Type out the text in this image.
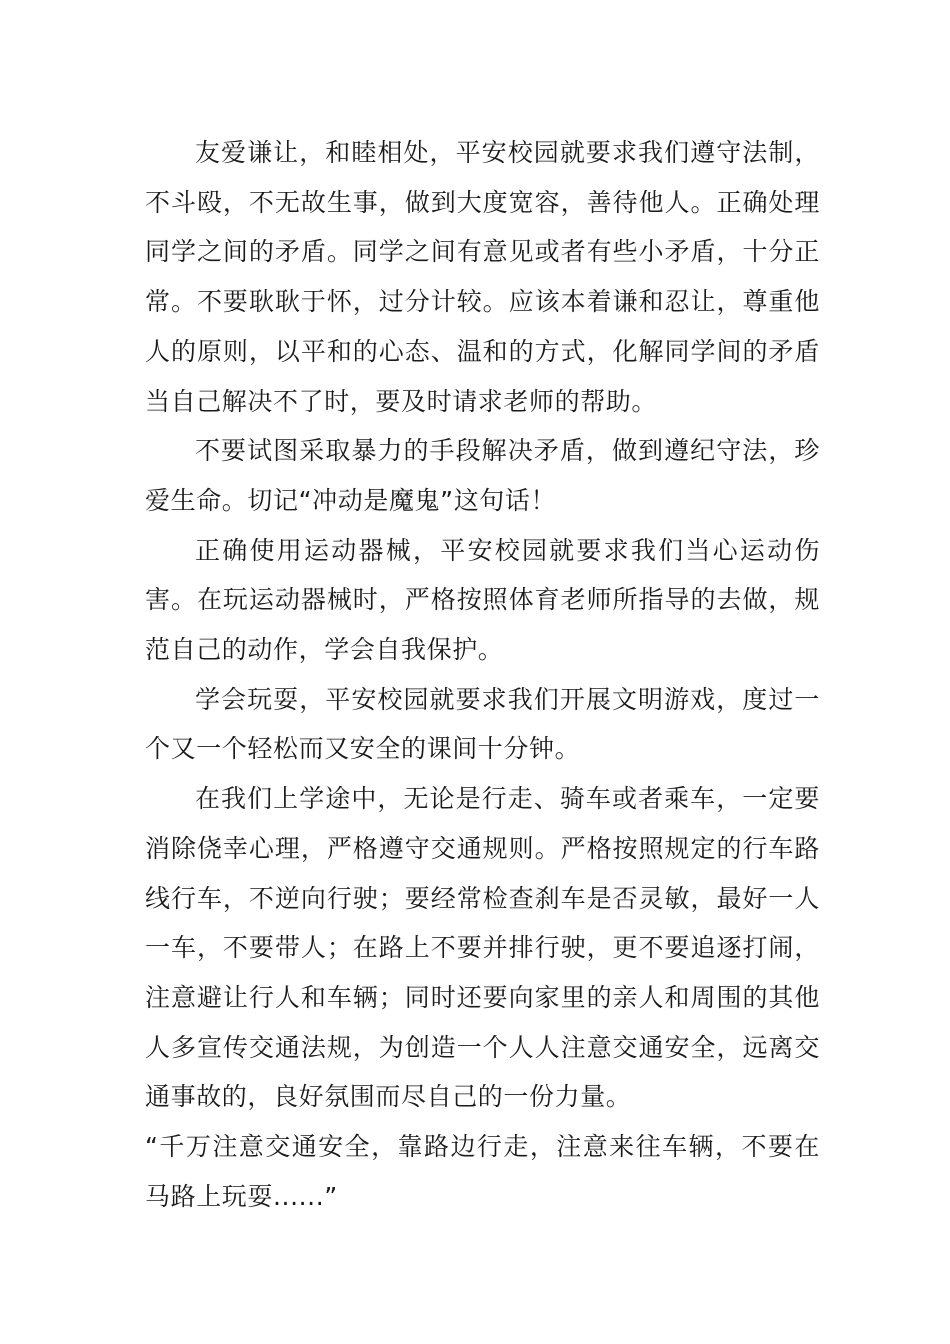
友爱谦让，和睦相处，平安校园就要求我们遵守法制，不斗殴，不无故生事，做到大度宽容，善待他人。正确处理同学之间的矛盾。同学之间有意见或者有些小矛盾，十分正常。不要耿耿于怀，过分计较。应该本着谦和忍让，尊重他人的原则，以平和的心态、温和的方式，化解同学间的矛盾当自己解决不了时，要及时请求老师的帮助。

不要试图采取暴力的手段解决矛盾，做到遵纪守法，珍爱生命。切记“冲动是魔鬼”这句话！

正确使用运动器械，平安校园就要求我们当心运动伤害。在玩运动器械时，严格按照体育老师所指导的去做，规范自己的动作，学会自我保护。

学会玩耍，平安校园就要求我们开展文明游戏，度过一个又一个轻松而又安全的课间十分钟。

在我们上学途中，无论是行走、骑车或者乘车，一定要消除侥幸心理，严格遵守交通规则。严格按照规定的行车路线行车，不逆向行驶；要经常检查刹车是否灵敏，最好一人一车，不要带人；在路上不要并排行驶，更不要追逐打闹，注意避让行人和车辆；同时还要向家里的亲人和周围的其他人多宣传交通法规，为创造一个人人注意交通安全，远离交通事故的，良好氛围而尽自己的一份力量。

“千万注意交通安全，靠路边行走，注意来往车辆，不要在马路上玩耍......”
